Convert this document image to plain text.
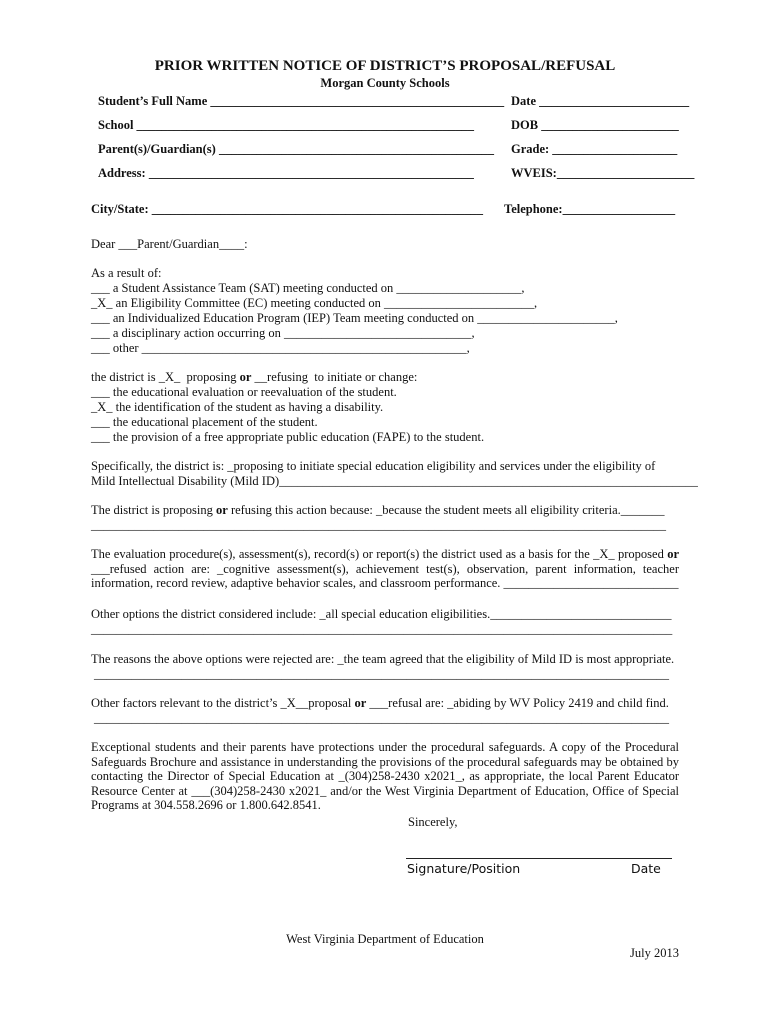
PRIOR WRITTEN NOTICE OF DISTRICT’S PROPOSAL/REFUSAL
Morgan County Schools
Student’s Full Name _______________________________________________ Date ________________________
School ______________________________________________________	DOB ______________________
Parent(s)/Guardian(s) ____________________________________________ Grade: ____________________
Address: ____________________________________________________	WVEIS:______________________
City/State: _____________________________________________________ Telephone:__________________
Dear ___Parent/Guardian____:
As a result of:
___ a Student Assistance Team (SAT) meeting conducted on ____________________,
_X_ an Eligibility Committee (EC) meeting conducted on ________________________,
___ an Individualized Education Program (IEP) Team meeting conducted on ______________________,
___ a disciplinary action occurring on ______________________________,
___ other ____________________________________________________,
the district is _X_  proposing or __refusing  to initiate or change:
___ the educational evaluation or reevaluation of the student.
_X_ the identification of the student as having a disability.
___ the educational placement of the student.
___ the provision of a free appropriate public education (FAPE) to the student.
Specifically, the district is: _proposing to initiate special education eligibility and services under the eligibility of
Mild Intellectual Disability (Mild ID)___________________________________________________________________
The district is proposing or refusing this action because: _because the student meets all eligibility criteria._______
____________________________________________________________________________________________
The evaluation procedure(s), assessment(s), record(s) or report(s) the district used as a basis for the _X_ proposed or ___refused action are: _cognitive assessment(s), achievement test(s), observation, parent information, teacher information, record review, adaptive behavior scales, and classroom performance. ____________________________
Other options the district considered include: _all special education eligibilities._____________________________
_____________________________________________________________________________________________
The reasons the above options were rejected are: _the team agreed that the eligibility of Mild ID is most appropriate.
____________________________________________________________________________________________
Other factors relevant to the district’s _X__proposal or ___refusal are: _abiding by WV Policy 2419 and child find.
____________________________________________________________________________________________
Exceptional students and their parents have protections under the procedural safeguards. A copy of the Procedural Safeguards Brochure and assistance in understanding the provisions of the procedural safeguards may be obtained by contacting the Director of Special Education at _(304)258-2430 x2021_, as appropriate, the local Parent Educator Resource Center at ___(304)258-2430 x2021_ and/or the West Virginia Department of Education, Office of Special Programs at 304.558.2696 or 1.800.642.8541.
Sincerely,
Signature/Position	Date
West Virginia Department of Education
July 2013
